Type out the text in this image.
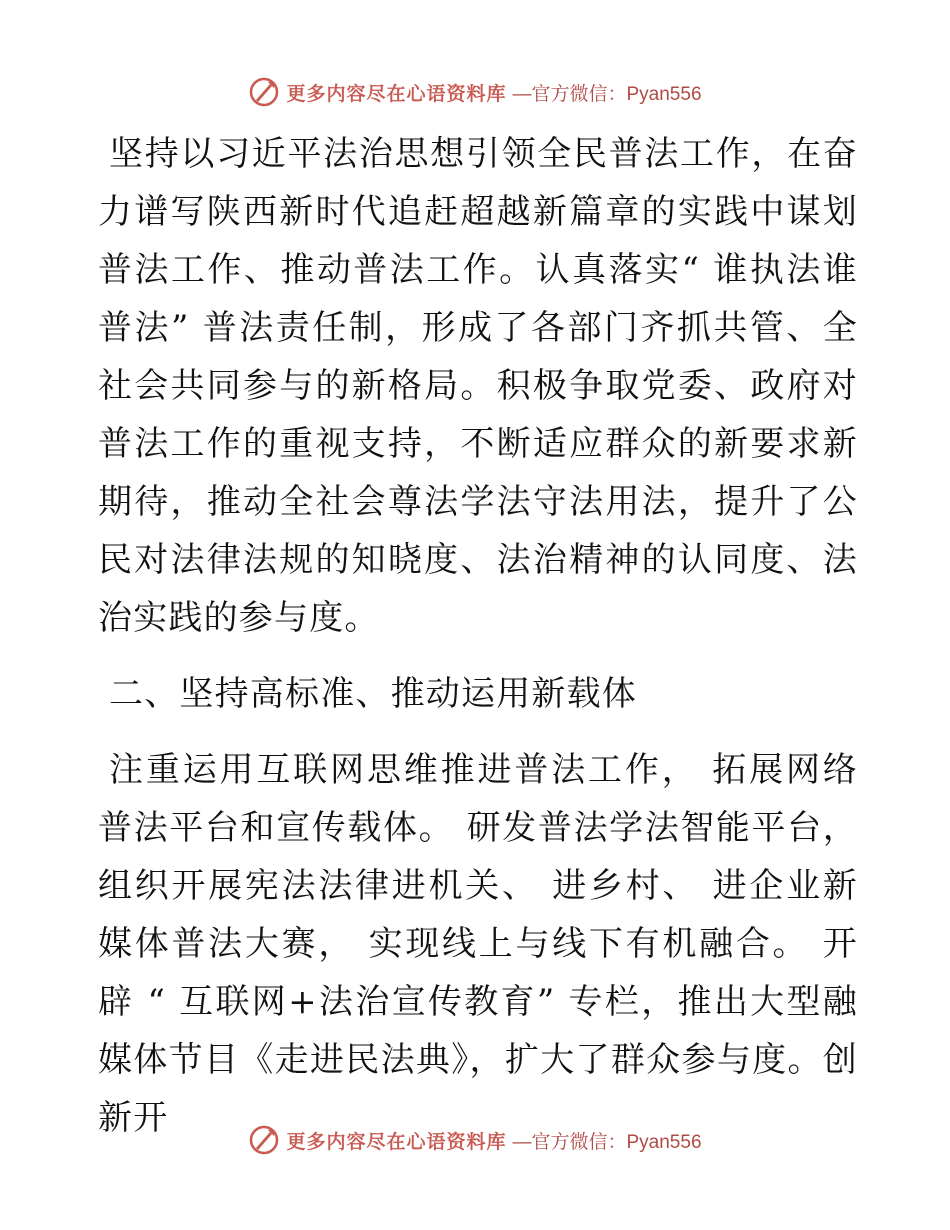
更多内容尽在心语资料库 —官方微信：Pyan556

坚持以习近平法治思想引领全民普法工作，在奋力谱写陕西新时代追赶超越新篇章的实践中谋划普法工作、推动普法工作。认真落实“ 谁执法谁普法” 普法责任制，形成了各部门齐抓共管、全社会共同参与的新格局。积极争取党委、政府对普法工作的重视支持，不断适应群众的新要求新期待，推动全社会尊法学法守法用法，提升了公民对法律法规的知晓度、法治精神的认同度、法治实践的参与度。

二、坚持高标准、推动运用新载体

注重运用互联网思维推进普法工作， 拓展网络普法平台和宣传载体。 研发普法学法智能平台，组织开展宪法法律进机关、 进乡村、 进企业新媒体普法大赛， 实现线上与线下有机融合。 开辟 “ 互联网+法治宣传教育” 专栏，推出大型融媒体节目《走进民法典》，扩大了群众参与度。创新开

更多内容尽在心语资料库 —官方微信：Pyan556
